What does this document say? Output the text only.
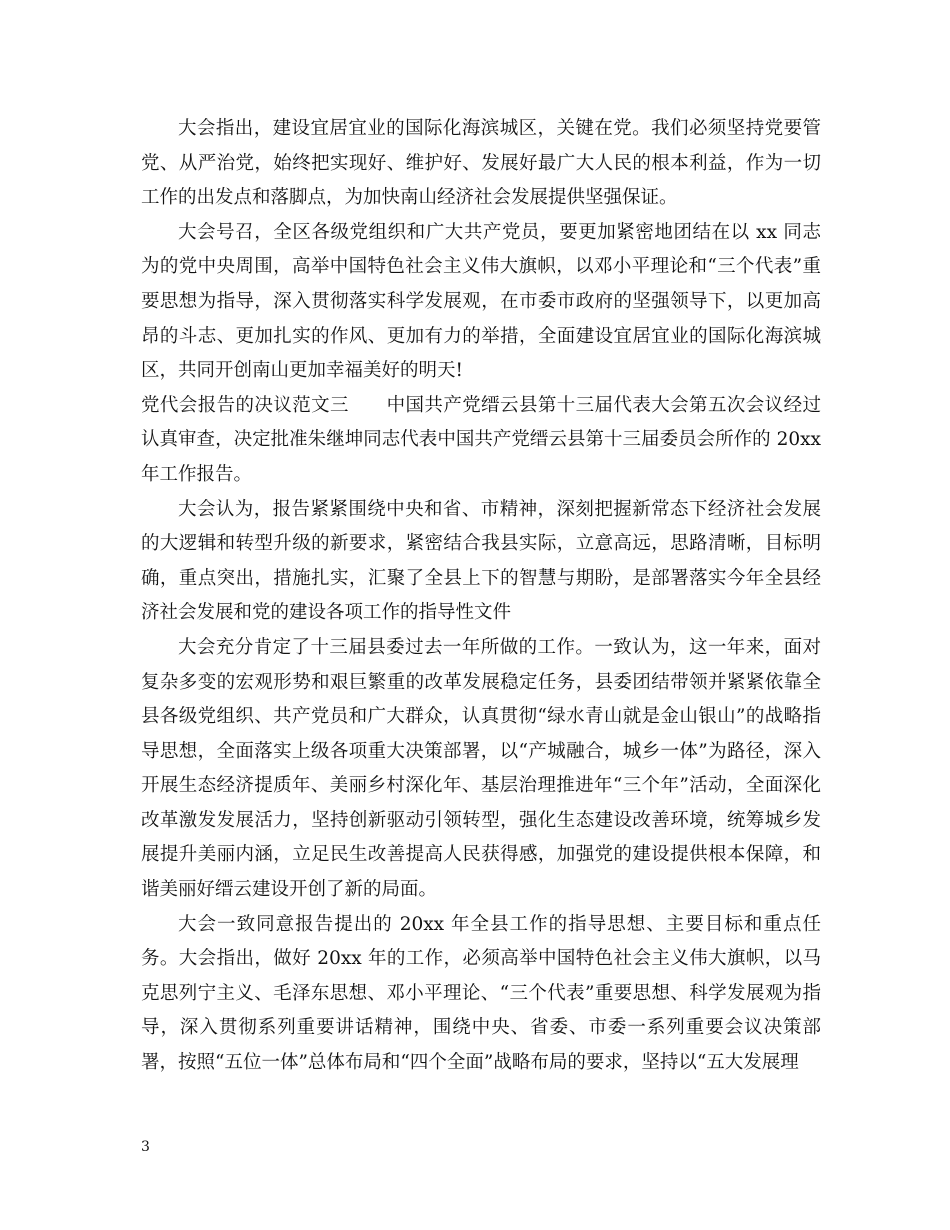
大会指出，建设宜居宜业的国际化海滨城区，关键在党。我们必须坚持党要管党、从严治党，始终把实现好、维护好、发展好最广大人民的根本利益，作为一切工作的出发点和落脚点，为加快南山经济社会发展提供坚强保证。

大会号召，全区各级党组织和广大共产党员，要更加紧密地团结在以 xx 同志为的党中央周围，高举中国特色社会主义伟大旗帜，以邓小平理论和“三个代表”重要思想为指导，深入贯彻落实科学发展观，在市委市政府的坚强领导下，以更加高昂的斗志、更加扎实的作风、更加有力的举措，全面建设宜居宜业的国际化海滨城区，共同开创南山更加幸福美好的明天!

党代会报告的决议范文三 中国共产党缙云县第十三届代表大会第五次会议经过认真审查，决定批准朱继坤同志代表中国共产党缙云县第十三届委员会所作的 20xx 年工作报告。

大会认为，报告紧紧围绕中央和省、市精神，深刻把握新常态下经济社会发展的大逻辑和转型升级的新要求，紧密结合我县实际，立意高远，思路清晰，目标明确，重点突出，措施扎实，汇聚了全县上下的智慧与期盼，是部署落实今年全县经济社会发展和党的建设各项工作的指导性文件

大会充分肯定了十三届县委过去一年所做的工作。一致认为，这一年来，面对复杂多变的宏观形势和艰巨繁重的改革发展稳定任务，县委团结带领并紧紧依靠全县各级党组织、共产党员和广大群众，认真贯彻“绿水青山就是金山银山”的战略指导思想，全面落实上级各项重大决策部署，以“产城融合，城乡一体”为路径，深入开展生态经济提质年、美丽乡村深化年、基层治理推进年“三个年”活动，全面深化改革激发发展活力，坚持创新驱动引领转型，强化生态建设改善环境，统筹城乡发展提升美丽内涵，立足民生改善提高人民获得感，加强党的建设提供根本保障，和谐美丽好缙云建设开创了新的局面。

大会一致同意报告提出的 20xx 年全县工作的指导思想、主要目标和重点任务。大会指出，做好 20xx 年的工作，必须高举中国特色社会主义伟大旗帜，以马克思列宁主义、毛泽东思想、邓小平理论、“三个代表”重要思想、科学发展观为指导，深入贯彻系列重要讲话精神，围绕中央、省委、市委一系列重要会议决策部署，按照“五位一体”总体布局和“四个全面”战略布局的要求，坚持以“五大发展理

3
